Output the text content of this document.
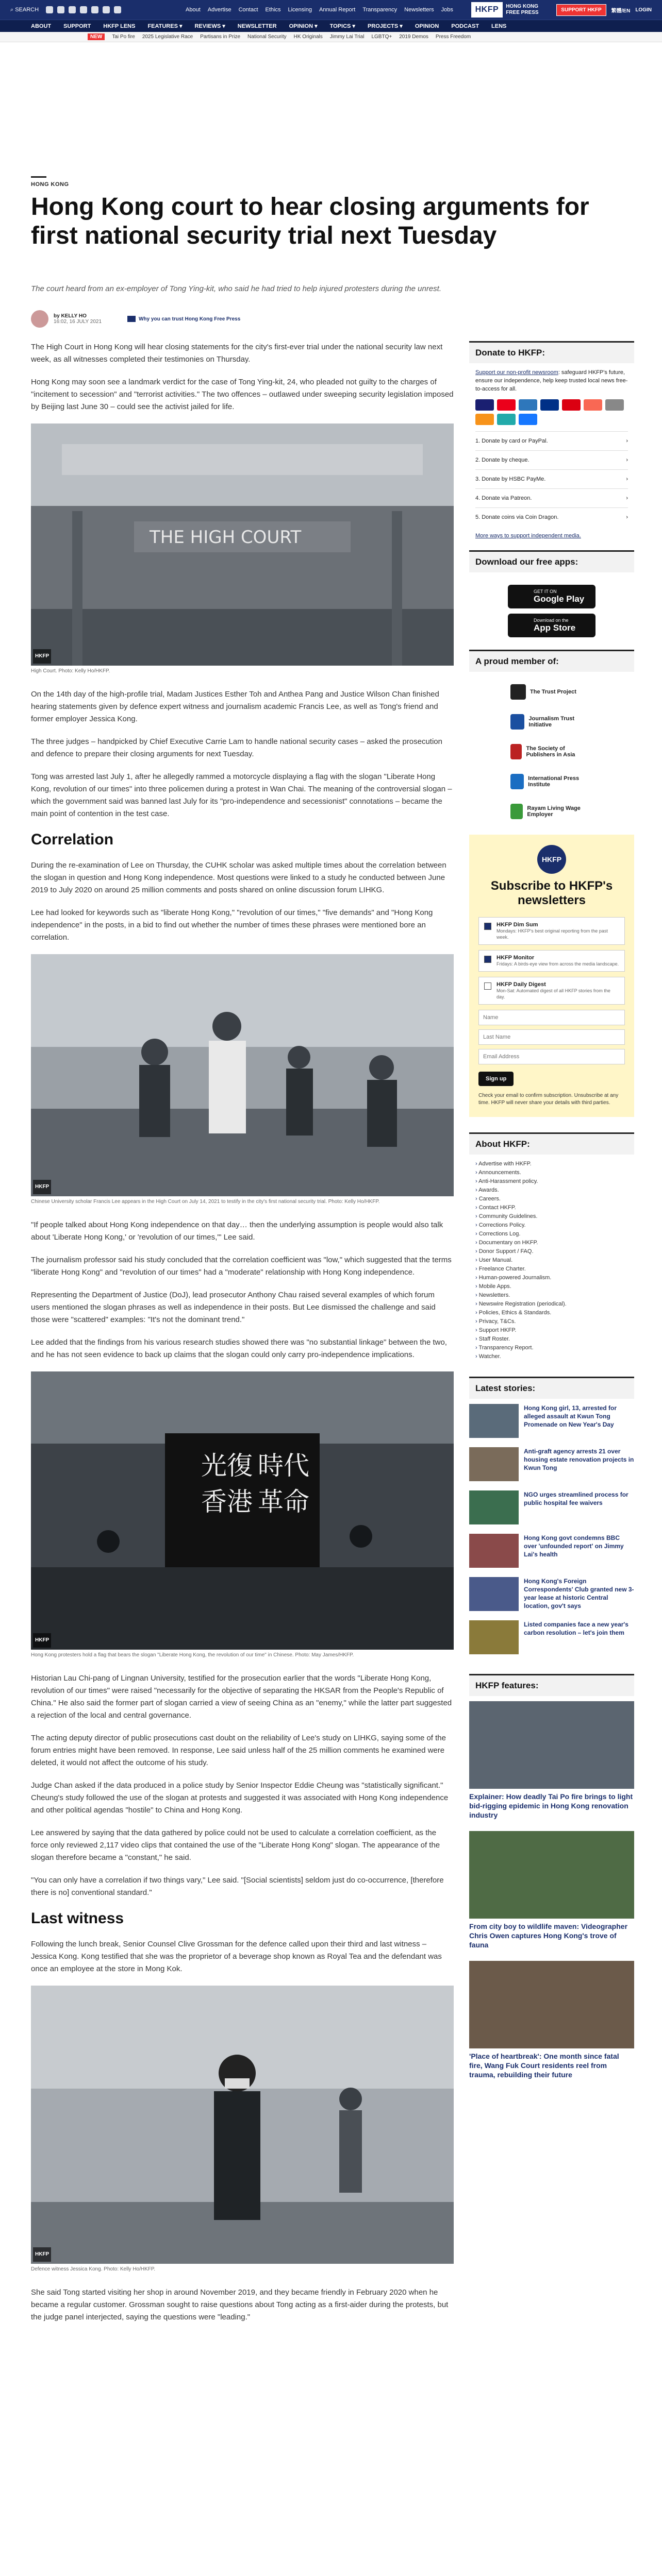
⌕ SEARCH	About Advertise Contact Ethics Licensing Annual Report Transparency Newsletters Jobs	HKFP	HONG KONG
FREE PRESS	SUPPORT HKFP	繁體/EN LOGIN
ABOUT SUPPORT HKFP LENS FEATURES ▾ REVIEWS ▾ NEWSLETTER OPINION ▾ TOPICS ▾ PROJECTS ▾ OPINION PODCAST LENS
NEW	Tai Po fire 2025 Legislative Race Partisans in Prize National Security HK Originals Jimmy Lai Trial LGBTQ+ 2019 Demos Press Freedom
HONG KONG
Hong Kong court to hear closing arguments for first national security trial next Tuesday
The court heard from an ex-employer of Tong Ying-kit, who said he had tried to help injured protesters during the unrest.
by KELLY HO
16:02, 16 JULY 2021	Why you can trust Hong Kong Free Press

The High Court in Hong Kong will hear closing statements for the city's first-ever trial under the national security law next week, as all witnesses completed their testimonies on Thursday.

Hong Kong may soon see a landmark verdict for the case of Tong Ying-kit, 24, who pleaded not guilty to the charges of "incitement to secession" and "terrorist activities." The two offences – outlawed under sweeping security legislation imposed by Beijing last June 30 – could see the activist jailed for life.

THE HIGH COURT
HKFP
High Court. Photo: Kelly Ho/HKFP.

On the 14th day of the high-profile trial, Madam Justices Esther Toh and Anthea Pang and Justice Wilson Chan finished hearing statements given by defence expert witness and journalism academic Francis Lee, as well as Tong's friend and former employer Jessica Kong.

The three judges – handpicked by Chief Executive Carrie Lam to handle national security cases – asked the prosecution and defence to prepare their closing arguments for next Tuesday.

Tong was arrested last July 1, after he allegedly rammed a motorcycle displaying a flag with the slogan "Liberate Hong Kong, revolution of our times" into three policemen during a protest in Wan Chai. The meaning of the controversial slogan – which the government said was banned last July for its "pro-independence and secessionist" connotations – became the main point of contention in the test case.

Correlation

During the re-examination of Lee on Thursday, the CUHK scholar was asked multiple times about the correlation between the slogan in question and Hong Kong independence. Most questions were linked to a study he conducted between June 2019 to July 2020 on around 25 million comments and posts shared on online discussion forum LIHKG.

Lee had looked for keywords such as "liberate Hong Kong," "revolution of our times," "five demands" and "Hong Kong independence" in the posts, in a bid to find out whether the number of times these phrases were mentioned bore an correlation.

HKFP
Chinese University scholar Francis Lee appears in the High Court on July 14, 2021 to testify in the city's first national security trial. Photo: Kelly Ho/HKFP.

"If people talked about Hong Kong independence on that day… then the underlying assumption is people would also talk about 'Liberate Hong Kong,' or 'revolution of our times,'" Lee said.

The journalism professor said his study concluded that the correlation coefficient was "low," which suggested that the terms "liberate Hong Kong" and "revolution of our times" had a "moderate" relationship with Hong Kong independence.

Representing the Department of Justice (DoJ), lead prosecutor Anthony Chau raised several examples of which forum users mentioned the slogan phrases as well as independence in their posts. But Lee dismissed the challenge and said those were "scattered" examples: "It's not the dominant trend."

Lee added that the findings from his various research studies showed there was "no substantial linkage" between the two, and he has not seen evidence to back up claims that the slogan could only carry pro-independence implications.

光復
香港
時代
革命
HKFP
Hong Kong protesters hold a flag that bears the slogan "Liberate Hong Kong, the revolution of our time" in Chinese. Photo: May James/HKFP.

Historian Lau Chi-pang of Lingnan University, testified for the prosecution earlier that the words "Liberate Hong Kong, revolution of our times" were raised "necessarily for the objective of separating the HKSAR from the People's Republic of China." He also said the former part of slogan carried a view of seeing China as an "enemy," while the latter part suggested a rejection of the local and central governance.

The acting deputy director of public prosecutions cast doubt on the reliability of Lee's study on LIHKG, saying some of the forum entries might have been removed. In response, Lee said unless half of the 25 million comments he examined were deleted, it would not affect the outcome of his study.

Judge Chan asked if the data produced in a police study by Senior Inspector Eddie Cheung was "statistically significant." Cheung's study followed the use of the slogan at protests and suggested it was associated with Hong Kong independence and other political agendas "hostile" to China and Hong Kong.

Lee answered by saying that the data gathered by police could not be used to calculate a correlation coefficient, as the force only reviewed 2,117 video clips that contained the use of the "Liberate Hong Kong" slogan. The appearance of the slogan therefore became a "constant," he said.

"You can only have a correlation if two things vary," Lee said. "[Social scientists] seldom just do co-occurrence, [therefore there is no] conventional standard."

Last witness

Following the lunch break, Senior Counsel Clive Grossman for the defence called upon their third and last witness – Jessica Kong. Kong testified that she was the proprietor of a beverage shop known as Royal Tea and the defendant was once an employee at the store in Mong Kok.

HKFP
Defence witness Jessica Kong. Photo: Kelly Ho/HKFP.

She said Tong started visiting her shop in around November 2019, and they became friendly in February 2020 when he became a regular customer. Grossman sought to raise questions about Tong acting as a first-aider during the protests, but the judge panel interjected, saying the questions were "leading."

Donate to HKFP:
Support our non-profit newsroom: safeguard HKFP's future, ensure our independence, help keep trusted local news free-to-access for all.
1. Donate by card or PayPal.	›
2. Donate by cheque.	›
3. Donate by HSBC PayMe.	›
4. Donate via Patreon.	›
5. Donate coins via Coin Dragon.	›
More ways to support independent media.
Download our free apps:
GET IT ON
Google Play
Download on the
App Store
A proud member of:
The Trust Project
Journalism Trust Initiative
The Society of Publishers in Asia
International Press Institute
Rayam Living Wage Employer
HKFP
Subscribe to HKFP's newsletters
HKFP Dim Sum
Mondays: HKFP's best original reporting from the past week.
HKFP Monitor
Fridays: A birds-eye view from across the media landscape.
HKFP Daily Digest
Mon-Sat: Automated digest of all HKFP stories from the day.
Name Last Name Email Address Sign up
Check your email to confirm subscription. Unsubscribe at any time. HKFP will never share your details with third parties.
About HKFP:
› Advertise with HKFP.
› Announcements.
› Anti-Harassment policy.
› Awards.
› Careers.
› Contact HKFP.
› Community Guidelines.
› Corrections Policy.
› Corrections Log.
› Documentary on HKFP.
› Donor Support / FAQ.
› User Manual.
› Freelance Charter.
› Human-powered Journalism.
› Mobile Apps.
› Newsletters.
› Newswire Registration (periodical).
› Policies, Ethics & Standards.
› Privacy, T&Cs.
› Support HKFP.
› Staff Roster.
› Transparency Report.
› Watcher.
Latest stories:
Hong Kong girl, 13, arrested for alleged assault at Kwun Tong Promenade on New Year's Day
Anti-graft agency arrests 21 over housing estate renovation projects in Kwun Tong
NGO urges streamlined process for public hospital fee waivers
Hong Kong govt condemns BBC over 'unfounded report' on Jimmy Lai's health
Hong Kong's Foreign Correspondents' Club granted new 3-year lease at historic Central location, gov't says
Listed companies face a new year's carbon resolution – let's join them
HKFP features:
Explainer: How deadly Tai Po fire brings to light bid-rigging epidemic in Hong Kong renovation industry
From city boy to wildlife maven: Videographer Chris Owen captures Hong Kong's trove of fauna
'Place of heartbreak': One month since fatal fire, Wang Fuk Court residents reel from trauma, rebuilding their future
